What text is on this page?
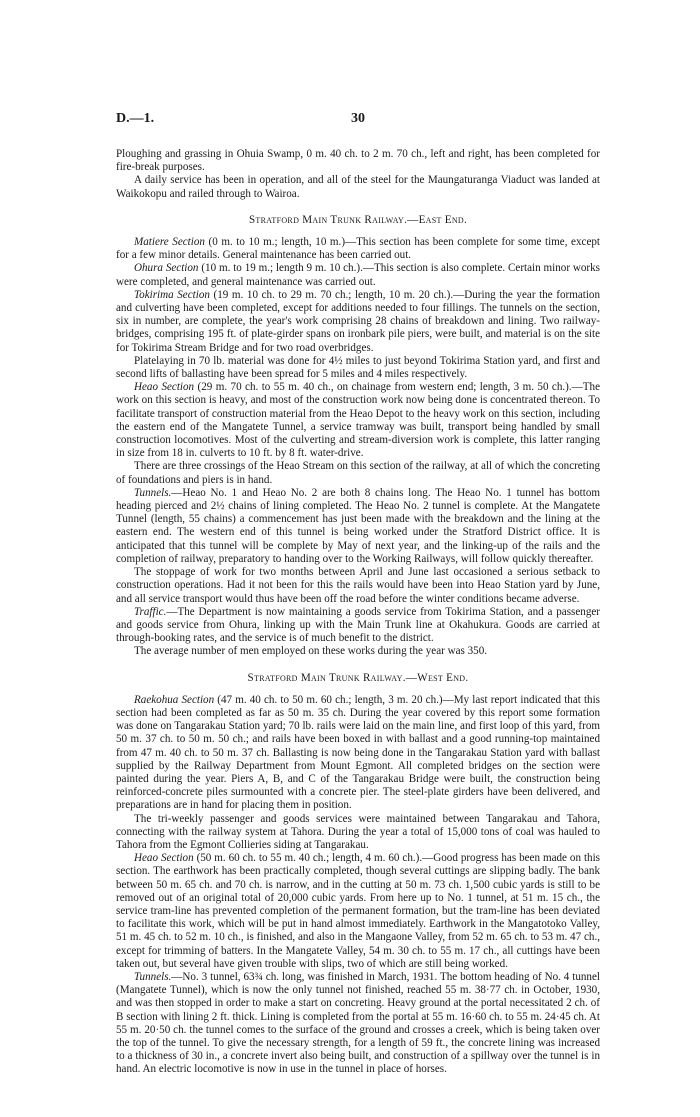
D.—1.	30

Ploughing and grassing in Ohuia Swamp, 0 m. 40 ch. to 2 m. 70 ch., left and right, has been completed for fire-break purposes.

A daily service has been in operation, and all of the steel for the Maungaturanga Viaduct was landed at Waikokopu and railed through to Wairoa.

Stratford Main Trunk Railway.—East End.

Matiere Section (0 m. to 10 m.; length, 10 m.)—This section has been complete for some time, except for a few minor details. General maintenance has been carried out.

Ohura Section (10 m. to 19 m.; length 9 m. 10 ch.).—This section is also complete. Certain minor works were completed, and general maintenance was carried out.

Tokirima Section (19 m. 10 ch. to 29 m. 70 ch.; length, 10 m. 20 ch.).—During the year the formation and culverting have been completed, except for additions needed to four fillings. The tunnels on the section, six in number, are complete, the year's work comprising 28 chains of breakdown and lining. Two railway-bridges, comprising 195 ft. of plate-girder spans on ironbark pile piers, were built, and material is on the site for Tokirima Stream Bridge and for two road overbridges.

Platelaying in 70 lb. material was done for 4½ miles to just beyond Tokirima Station yard, and first and second lifts of ballasting have been spread for 5 miles and 4 miles respectively.

Heao Section (29 m. 70 ch. to 55 m. 40 ch., on chainage from western end; length, 3 m. 50 ch.).—The work on this section is heavy, and most of the construction work now being done is concentrated thereon. To facilitate transport of construction material from the Heao Depot to the heavy work on this section, including the eastern end of the Mangatete Tunnel, a service tramway was built, transport being handled by small construction locomotives. Most of the culverting and stream-diversion work is complete, this latter ranging in size from 18 in. culverts to 10 ft. by 8 ft. water-drive.

There are three crossings of the Heao Stream on this section of the railway, at all of which the concreting of foundations and piers is in hand.

Tunnels.—Heao No. 1 and Heao No. 2 are both 8 chains long. The Heao No. 1 tunnel has bottom heading pierced and 2½ chains of lining completed. The Heao No. 2 tunnel is complete. At the Mangatete Tunnel (length, 55 chains) a commencement has just been made with the breakdown and the lining at the eastern end. The western end of this tunnel is being worked under the Stratford District office. It is anticipated that this tunnel will be complete by May of next year, and the linking-up of the rails and the completion of railway, preparatory to handing over to the Working Railways, will follow quickly thereafter.

The stoppage of work for two months between April and June last occasioned a serious setback to construction operations. Had it not been for this the rails would have been into Heao Station yard by June, and all service transport would thus have been off the road before the winter conditions became adverse.

Traffic.—The Department is now maintaining a goods service from Tokirima Station, and a passenger and goods service from Ohura, linking up with the Main Trunk line at Okahukura. Goods are carried at through-booking rates, and the service is of much benefit to the district.

The average number of men employed on these works during the year was 350.

Stratford Main Trunk Railway.—West End.

Raekohua Section (47 m. 40 ch. to 50 m. 60 ch.; length, 3 m. 20 ch.)—My last report indicated that this section had been completed as far as 50 m. 35 ch. During the year covered by this report some formation was done on Tangarakau Station yard; 70 lb. rails were laid on the main line, and first loop of this yard, from 50 m. 37 ch. to 50 m. 50 ch.; and rails have been boxed in with ballast and a good running-top maintained from 47 m. 40 ch. to 50 m. 37 ch. Ballasting is now being done in the Tangarakau Station yard with ballast supplied by the Railway Department from Mount Egmont. All completed bridges on the section were painted during the year. Piers A, B, and C of the Tangarakau Bridge were built, the construction being reinforced-concrete piles surmounted with a concrete pier. The steel-plate girders have been delivered, and preparations are in hand for placing them in position.

The tri-weekly passenger and goods services were maintained between Tangarakau and Tahora, connecting with the railway system at Tahora. During the year a total of 15,000 tons of coal was hauled to Tahora from the Egmont Collieries siding at Tangarakau.

Heao Section (50 m. 60 ch. to 55 m. 40 ch.; length, 4 m. 60 ch.).—Good progress has been made on this section. The earthwork has been practically completed, though several cuttings are slipping badly. The bank between 50 m. 65 ch. and 70 ch. is narrow, and in the cutting at 50 m. 73 ch. 1,500 cubic yards is still to be removed out of an original total of 20,000 cubic yards. From here up to No. 1 tunnel, at 51 m. 15 ch., the service tram-line has prevented completion of the permanent formation, but the tram-line has been deviated to facilitate this work, which will be put in hand almost immediately. Earthwork in the Mangatotoko Valley, 51 m. 45 ch. to 52 m. 10 ch., is finished, and also in the Mangaone Valley, from 52 m. 65 ch. to 53 m. 47 ch., except for trimming of batters. In the Mangatete Valley, 54 m. 30 ch. to 55 m. 17 ch., all cuttings have been taken out, but several have given trouble with slips, two of which are still being worked.

Tunnels.—No. 3 tunnel, 63¾ ch. long, was finished in March, 1931. The bottom heading of No. 4 tunnel (Mangatete Tunnel), which is now the only tunnel not finished, reached 55 m. 38·77 ch. in October, 1930, and was then stopped in order to make a start on concreting. Heavy ground at the portal necessitated 2 ch. of B section with lining 2 ft. thick. Lining is completed from the portal at 55 m. 16·60 ch. to 55 m. 24·45 ch. At 55 m. 20·50 ch. the tunnel comes to the surface of the ground and crosses a creek, which is being taken over the top of the tunnel. To give the necessary strength, for a length of 59 ft., the concrete lining was increased to a thickness of 30 in., a concrete invert also being built, and construction of a spillway over the tunnel is in hand. An electric locomotive is now in use in the tunnel in place of horses.
